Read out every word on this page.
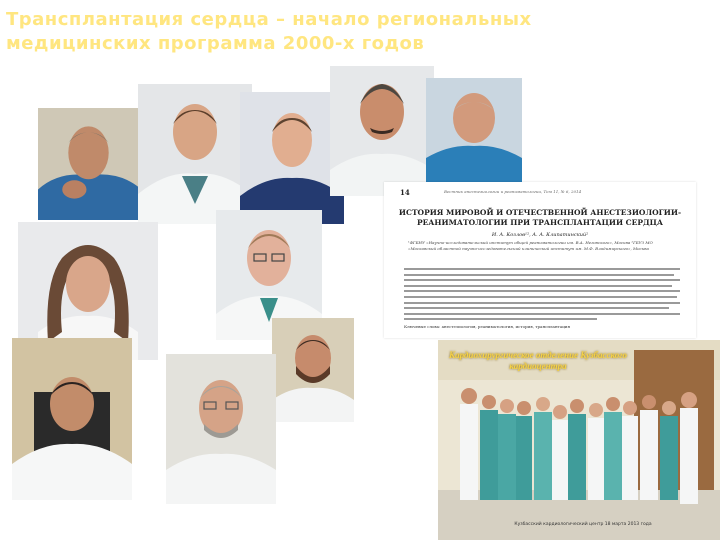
Трансплантация сердца – начало региональных медицинских программа 2000-х годов
14	Вестник анестезиологии и реаниматологии, Том 11, № 6, 2014
ИСТОРИЯ МИРОВОЙ И ОТЕЧЕСТВЕННОЙ АНЕСТЕЗИОЛОГИИ-РЕАНИМАТОЛОГИИ ПРИ ТРАНСПЛАНТАЦИИ СЕРДЦА
И. А. Козлов¹², А. А. Клипатинский²
¹ФГБНУ «Научно-исследовательский институт общей реаниматологии им. В.А. Неговского», Москва ²ГБУЗ МО «Московский областной научно-исследовательский клинический институт им. М.Ф. Владимирского», Москва
Ключевые слова: анестезиология, реаниматология, история, трансплантация
Кардиохирургическое отделение Кузбасского кардиоцентра
Кузбасский кардиологический центр 18 марта 2013 года
